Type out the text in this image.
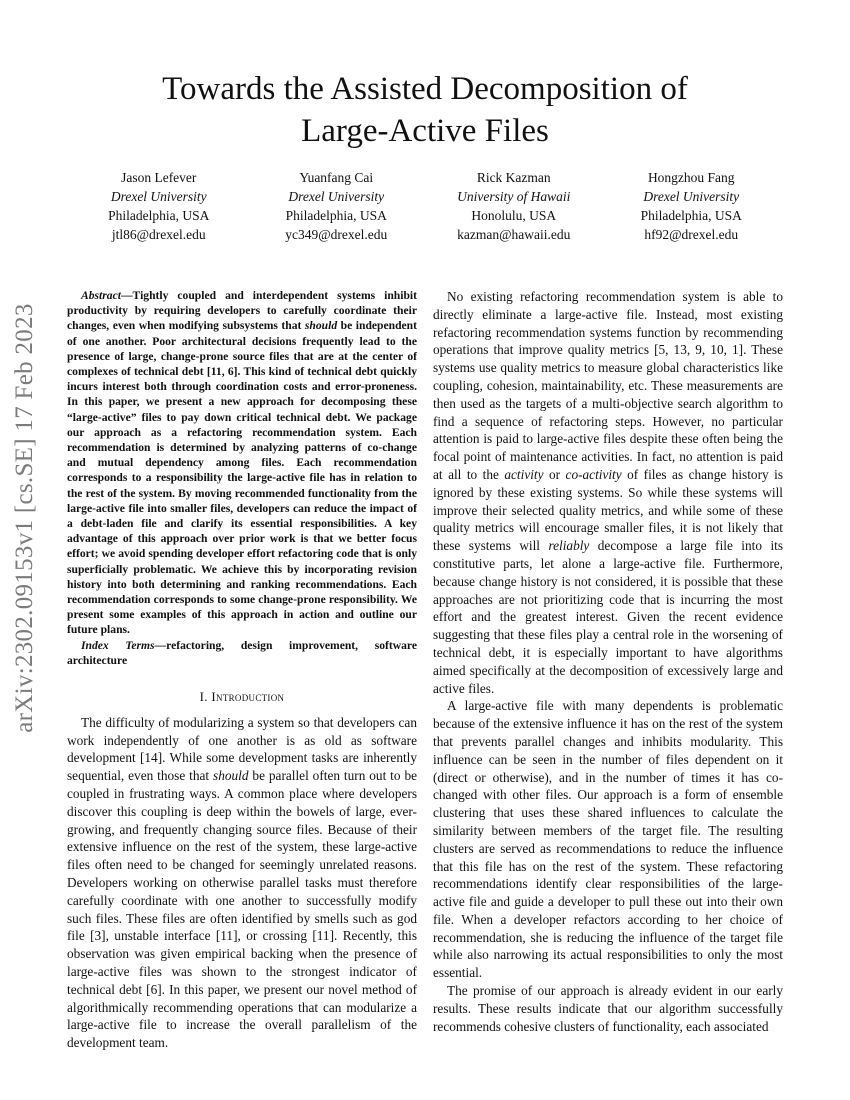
arXiv:2302.09153v1 [cs.SE] 17 Feb 2023
Towards the Assisted Decomposition of
Large-Active Files
Jason Lefever
Drexel University
Philadelphia, USA
jtl86@drexel.edu
Yuanfang Cai
Drexel University
Philadelphia, USA
yc349@drexel.edu
Rick Kazman
University of Hawaii
Honolulu, USA
kazman@hawaii.edu
Hongzhou Fang
Drexel University
Philadelphia, USA
hf92@drexel.edu

Abstract—Tightly coupled and interdependent systems inhibit productivity by requiring developers to carefully coordinate their changes, even when modifying subsystems that should be independent of one another. Poor architectural decisions frequently lead to the presence of large, change-prone source files that are at the center of complexes of technical debt [11, 6]. This kind of technical debt quickly incurs interest both through coordination costs and error-proneness. In this paper, we present a new approach for decomposing these “large-active” files to pay down critical technical debt. We package our approach as a refactoring recommendation system. Each recommendation is determined by analyzing patterns of co-change and mutual dependency among files. Each recommendation corresponds to a responsibility the large-active file has in relation to the rest of the system. By moving recommended functionality from the large-active file into smaller files, developers can reduce the impact of a debt-laden file and clarify its essential responsibilities. A key advantage of this approach over prior work is that we better focus effort; we avoid spending developer effort refactoring code that is only superficially problematic. We achieve this by incorporating revision history into both determining and ranking recommendations. Each recommendation corresponds to some change-prone responsibility. We present some examples of this approach in action and outline our future plans.

Index Terms—refactoring, design improvement, software architecture

I. Introduction

The difficulty of modularizing a system so that developers can work independently of one another is as old as software development [14]. While some development tasks are inherently sequential, even those that should be parallel often turn out to be coupled in frustrating ways. A common place where developers discover this coupling is deep within the bowels of large, ever-growing, and frequently changing source files. Because of their extensive influence on the rest of the system, these large-active files often need to be changed for seemingly unrelated reasons. Developers working on otherwise parallel tasks must therefore carefully coordinate with one another to successfully modify such files. These files are often identified by smells such as god file [3], unstable interface [11], or crossing [11]. Recently, this observation was given empirical backing when the presence of large-active files was shown to the strongest indicator of technical debt [6]. In this paper, we present our novel method of algorithmically recommending operations that can modularize a large-active file to increase the overall parallelism of the development team.

No existing refactoring recommendation system is able to directly eliminate a large-active file. Instead, most existing refactoring recommendation systems function by recommending operations that improve quality metrics [5, 13, 9, 10, 1]. These systems use quality metrics to measure global characteristics like coupling, cohesion, maintainability, etc. These measurements are then used as the targets of a multi-objective search algorithm to find a sequence of refactoring steps. However, no particular attention is paid to large-active files despite these often being the focal point of maintenance activities. In fact, no attention is paid at all to the activity or co-activity of files as change history is ignored by these existing systems. So while these systems will improve their selected quality metrics, and while some of these quality metrics will encourage smaller files, it is not likely that these systems will reliably decompose a large file into its constitutive parts, let alone a large-active file. Furthermore, because change history is not considered, it is possible that these approaches are not prioritizing code that is incurring the most effort and the greatest interest. Given the recent evidence suggesting that these files play a central role in the worsening of technical debt, it is especially important to have algorithms aimed specifically at the decomposition of excessively large and active files.

A large-active file with many dependents is problematic because of the extensive influence it has on the rest of the system that prevents parallel changes and inhibits modularity. This influence can be seen in the number of files dependent on it (direct or otherwise), and in the number of times it has co-changed with other files. Our approach is a form of ensemble clustering that uses these shared influences to calculate the similarity between members of the target file. The resulting clusters are served as recommendations to reduce the influence that this file has on the rest of the system. These refactoring recommendations identify clear responsibilities of the large-active file and guide a developer to pull these out into their own file. When a developer refactors according to her choice of recommendation, she is reducing the influence of the target file while also narrowing its actual responsibilities to only the most essential.

The promise of our approach is already evident in our early results. These results indicate that our algorithm successfully recommends cohesive clusters of functionality, each associated
